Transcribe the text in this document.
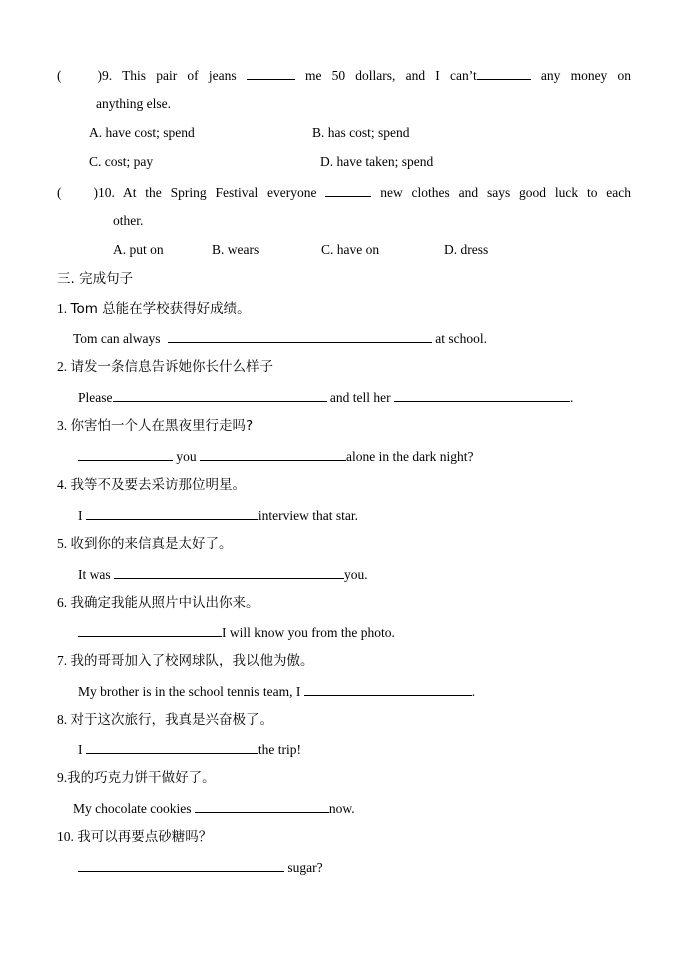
(	)9. This pair of jeans	me 50 dollars, and I can’t	any money on
anything else.
A. have cost; spend	B. has cost; spend
C. cost; pay	D. have taken; spend
( )10. At the Spring Festival everyone	new clothes and says good luck to each
other.
A. put on	B. wears	C. have on	D. dress
三. 完成句子
1. Tom 总能在学校获得好成绩。
Tom can always	at school.
2. 请发一条信息告诉她你长什么样子
Please	and tell her	.
3. 你害怕一个人在黑夜里行走吗?
you	alone in the dark night?
4. 我等不及要去采访那位明星。
I	interview that star.
5. 收到你的来信真是太好了。
It was	you.
6. 我确定我能从照片中认出你来。
I will know you from the photo.
7. 我的哥哥加入了校网球队，我以他为傲。
My brother is in the school tennis team, I	.
8. 对于这次旅行，我真是兴奋极了。
I	the trip!
9.我的巧克力饼干做好了。
My chocolate cookies	now.
10. 我可以再要点砂糖吗？
sugar?
